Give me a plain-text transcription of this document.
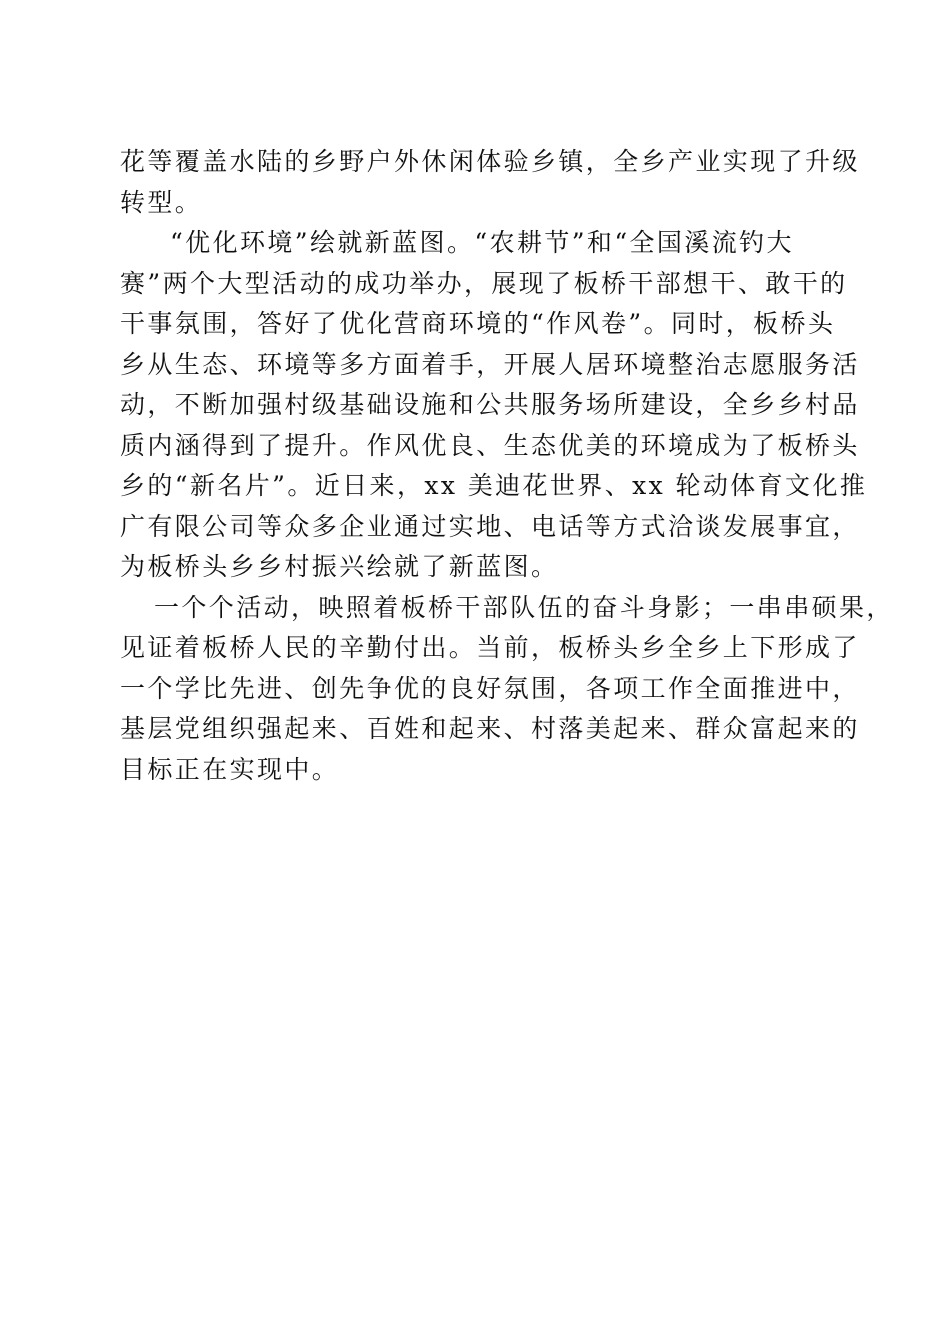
花等覆盖水陆的乡野户外休闲体验乡镇，全乡产业实现了升级
转型。

“优化环境”绘就新蓝图。“农耕节”和“全国溪流钓大
赛”两个大型活动的成功举办，展现了板桥干部想干、敢干的
干事氛围，答好了优化营商环境的“作风卷”。同时，板桥头
乡从生态、环境等多方面着手，开展人居环境整治志愿服务活
动，不断加强村级基础设施和公共服务场所建设，全乡乡村品
质内涵得到了提升。作风优良、生态优美的环境成为了板桥头
乡的“新名片”。近日来，xx 美迪花世界、xx 轮动体育文化推
广有限公司等众多企业通过实地、电话等方式洽谈发展事宜，
为板桥头乡乡村振兴绘就了新蓝图。

一个个活动，映照着板桥干部队伍的奋斗身影；一串串硕果，
见证着板桥人民的辛勤付出。当前，板桥头乡全乡上下形成了
一个学比先进、创先争优的良好氛围，各项工作全面推进中，
基层党组织强起来、百姓和起来、村落美起来、群众富起来的
目标正在实现中。
